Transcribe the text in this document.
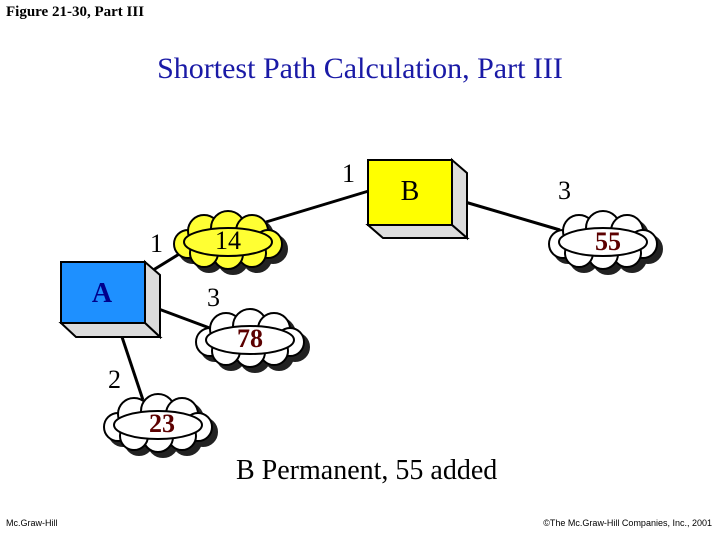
Figure 21-30, Part III
Shortest Path Calculation, Part III
A
B
14	55
78
23
1
1
3
3
2
B Permanent, 55 added
Mc.Graw-Hill	©The Mc.Graw-Hill Companies, Inc., 2001
